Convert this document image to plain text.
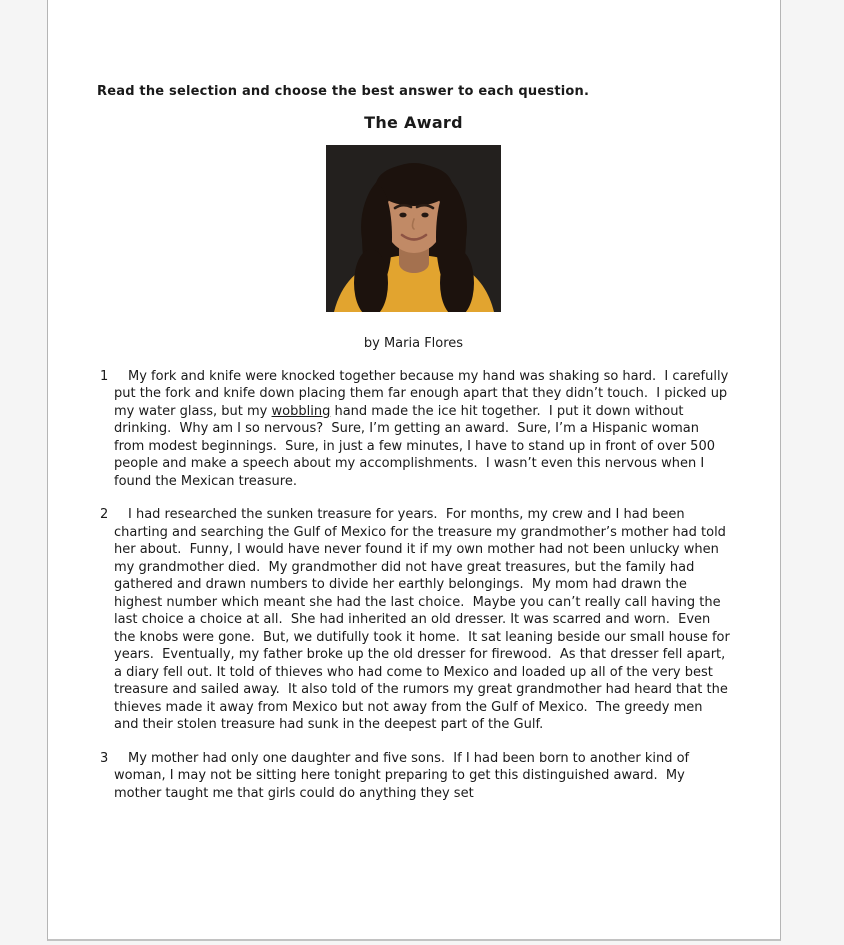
Read the selection and choose the best answer to each question.

The Award

by Maria Flores

1	My fork and knife were knocked together because my hand was shaking so hard.  I carefully put the fork and knife down placing them far enough apart that they didn’t touch.  I picked up my water glass, but my wobbling hand made the ice hit together.  I put it down without drinking.  Why am I so nervous?  Sure, I’m getting an award.  Sure, I’m a Hispanic woman from modest beginnings.  Sure, in just a few minutes, I have to stand up in front of over 500 people and make a speech about my accomplishments.  I wasn’t even this nervous when I found the Mexican treasure.
2	I had researched the sunken treasure for years.  For months, my crew and I had been charting and searching the Gulf of Mexico for the treasure my grandmother’s mother had told her about.  Funny, I would have never found it if my own mother had not been unlucky when my grandmother died.  My grandmother did not have great treasures, but the family had gathered and drawn numbers to divide her earthly belongings.  My mom had drawn the highest number which meant she had the last choice.  Maybe you can’t really call having the last choice a choice at all.  She had inherited an old dresser. It was scarred and worn.  Even the knobs were gone.  But, we dutifully took it home.  It sat leaning beside our small house for years.  Eventually, my father broke up the old dresser for firewood.  As that dresser fell apart, a diary fell out. It told of thieves who had come to Mexico and loaded up all of the very best treasure and sailed away.  It also told of the rumors my great grandmother had heard that the thieves made it away from Mexico but not away from the Gulf of Mexico.  The greedy men and their stolen treasure had sunk in the deepest part of the Gulf.
3	My mother had only one daughter and five sons.  If I had been born to another kind of woman, I may not be sitting here tonight preparing to get this distinguished award.  My mother taught me that girls could do anything they set
